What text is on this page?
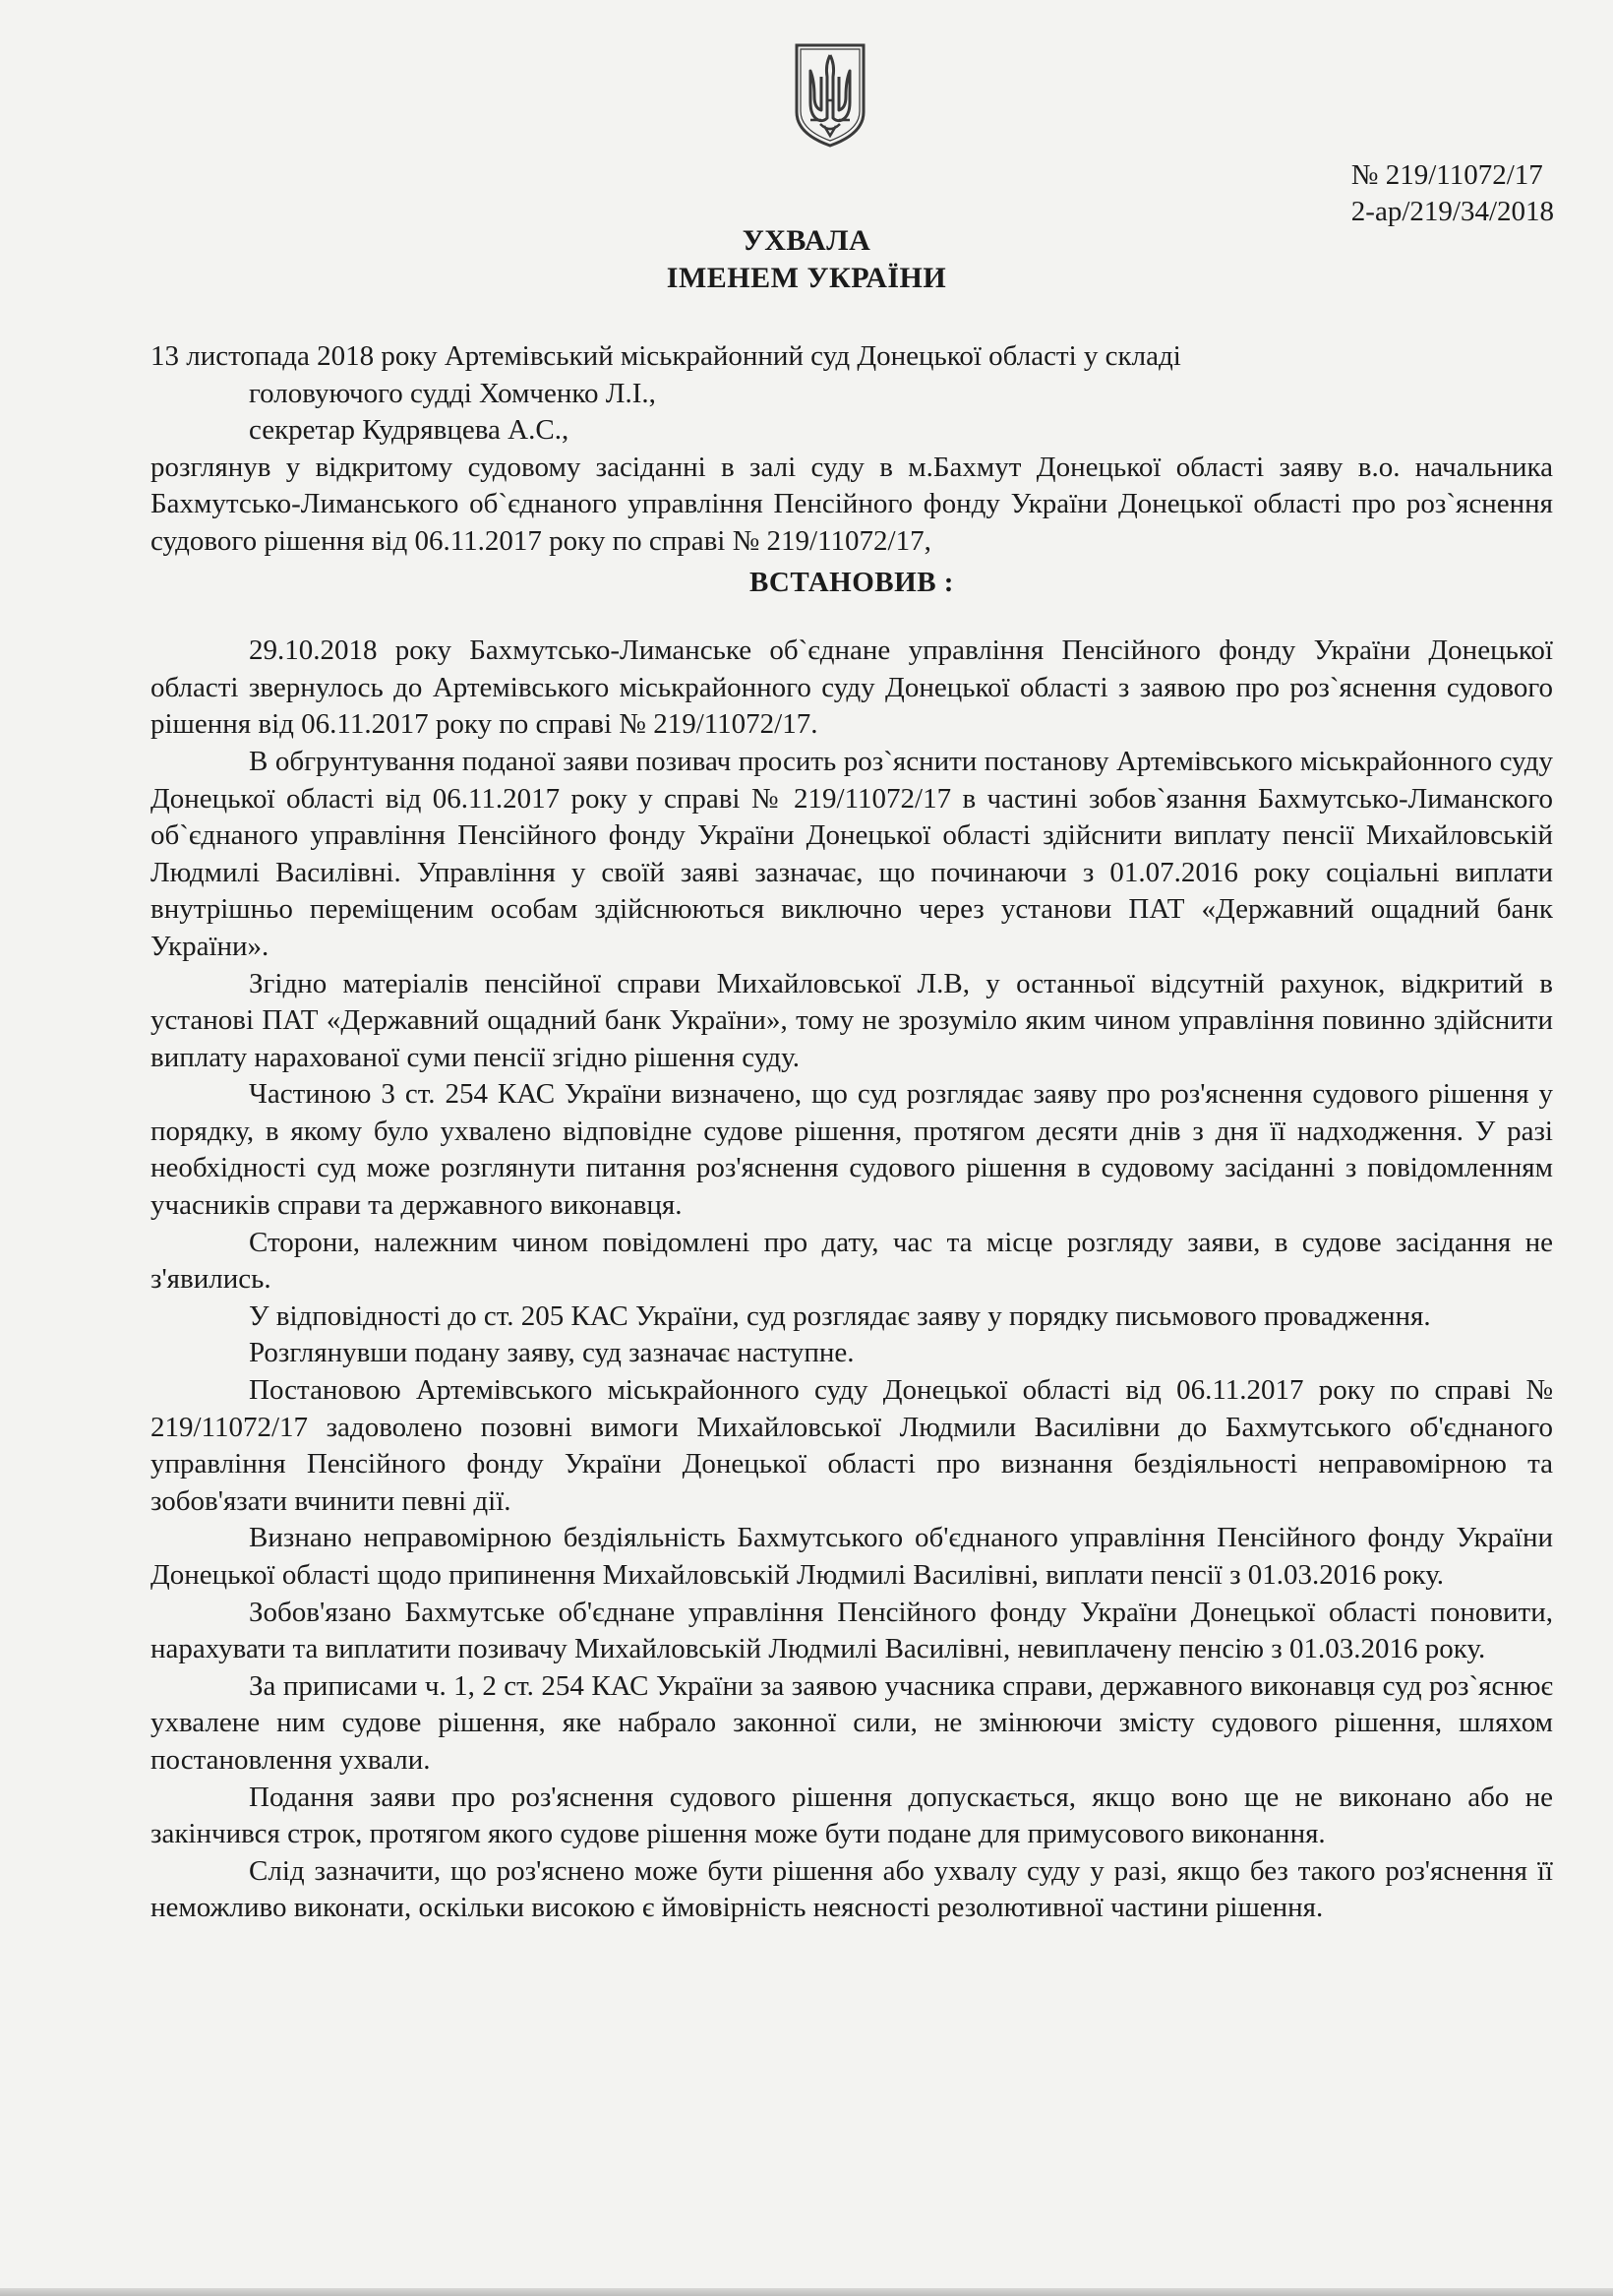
№ 219/11072/17
2-ap/219/34/2018
УХВАЛА
ІМЕНЕМ УКРАЇНИ

13 листопада 2018 року Артемівський міськрайонний суд Донецької області у складі

головуючого судді Хомченко Л.І.,

секретар Кудрявцева А.С.,

розглянув у відкритому судовому засіданні в залі суду в м.Бахмут Донецької області заяву в.о. начальника Бахмутсько-Лиманського об`єднаного управління Пенсійного фонду України Донецької області про роз`яснення судового рішення від 06.11.2017 року по справі № 219/11072/17,

ВСТАНОВИВ :

29.10.2018 року Бахмутсько-Лиманське об`єднане управління Пенсійного фонду України Донецької області звернулось до Артемівського міськрайонного суду Донецької області з заявою про роз`яснення судового рішення від 06.11.2017 року по справі № 219/11072/17.

В обгрунтування поданої заяви позивач просить роз`яснити постанову Артемівського міськрайонного суду Донецької області від 06.11.2017 року у справі № 219/11072/17 в частині зобов`язання Бахмутсько-Лиманского об`єднаного управління Пенсійного фонду України Донецької області здійснити виплату пенсії Михайловській Людмилі Василівні. Управління у своїй заяві зазначає, що починаючи з 01.07.2016 року соціальні виплати внутрішньо переміщеним особам здійснюються виключно через установи ПАТ «Державний ощадний банк України».

Згідно матеріалів пенсійної справи Михайловської Л.В, у останньої відсутній рахунок, відкритий в установі ПАТ «Державний ощадний банк України», тому не зрозуміло яким чином управління повинно здійснити виплату нарахованої суми пенсії згідно рішення суду.

Частиною 3 ст. 254 КАС України визначено, що суд розглядає заяву про роз'яснення судового рішення у порядку, в якому було ухвалено відповідне судове рішення, протягом десяти днів з дня її надходження. У разі необхідності суд може розглянути питання роз'яснення судового рішення в судовому засіданні з повідомленням учасників справи та державного виконавця.

Сторони, належним чином повідомлені про дату, час та місце розгляду заяви, в судове засідання не з'явились.

У відповідності до ст. 205 КАС України, суд розглядає заяву у порядку письмового провадження.

Розглянувши подану заяву, суд зазначає наступне.

Постановою Артемівського міськрайонного суду Донецької області від 06.11.2017 року по справі № 219/11072/17 задоволено позовні вимоги Михайловської Людмили Василівни до Бахмутського об'єднаного управління Пенсійного фонду України Донецької області про визнання бездіяльності неправомірною та зобов'язати вчинити певні дії.

Визнано неправомірною бездіяльність Бахмутського об'єднаного управління Пенсійного фонду України Донецької області щодо припинення Михайловській Людмилі Василівні, виплати пенсії з 01.03.2016 року.

Зобов'язано Бахмутське об'єднане управління Пенсійного фонду України Донецької області поновити, нарахувати та виплатити позивачу Михайловській Людмилі Василівні, невиплачену пенсію з 01.03.2016 року.

За приписами ч. 1, 2 ст. 254 КАС України за заявою учасника справи, державного виконавця суд роз`яснює ухвалене ним судове рішення, яке набрало законної сили, не змінюючи змісту судового рішення, шляхом постановлення ухвали.

Подання заяви про роз'яснення судового рішення допускається, якщо воно ще не виконано або не закінчився строк, протягом якого судове рішення може бути подане для примусового виконання.

Слід зазначити, що роз'яснено може бути рішення або ухвалу суду у разі, якщо без такого роз'яснення її неможливо виконати, оскільки високою є ймовірність неясності резолютивної частини рішення.
